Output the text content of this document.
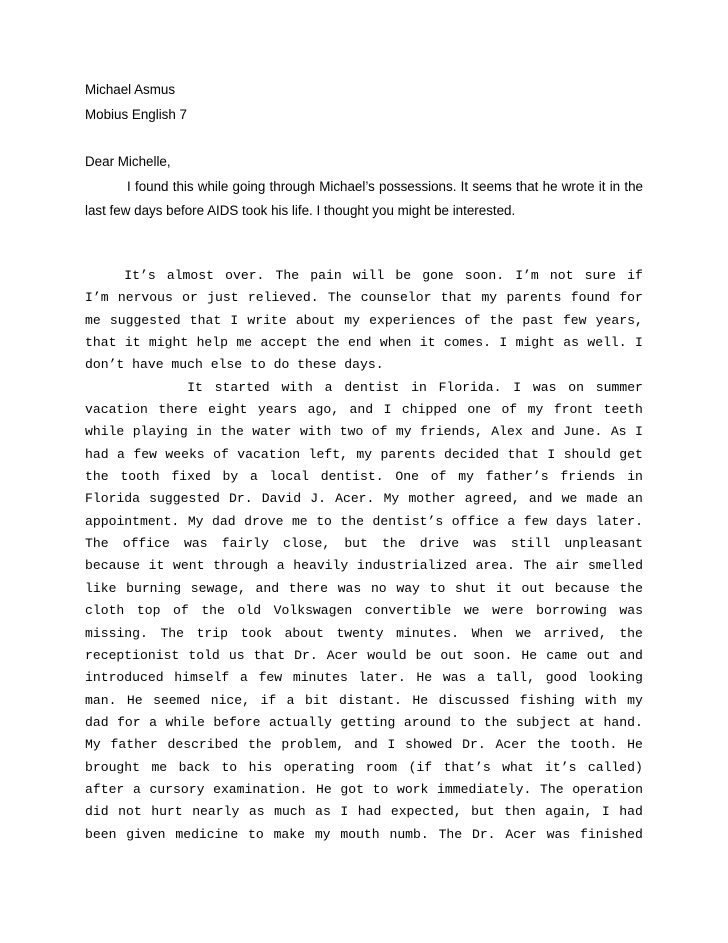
Michael Asmus
Mobius English 7
Dear Michelle,
I found this while going through Michael’s possessions. It seems that he wrote it in the
last few days before AIDS took his life. I thought you might be interested.
It’s almost over. The pain will be gone soon. I’m not sure if
I’m nervous or just relieved. The counselor that my parents found for
me suggested that I write about my experiences of the past few years,
that it might help me accept the end when it comes. I might as well. I
don’t have much else to do these days.
It started with a dentist in Florida. I was on summer
vacation there eight years ago, and I chipped one of my front teeth
while playing in the water with two of my friends, Alex and June. As I
had a few weeks of vacation left, my parents decided that I should get
the tooth fixed by a local dentist. One of my father’s friends in
Florida suggested Dr. David J. Acer. My mother agreed, and we made an
appointment. My dad drove me to the dentist’s office a few days later.
The office was fairly close, but the drive was still unpleasant
because it went through a heavily industrialized area. The air smelled
like burning sewage, and there was no way to shut it out because the
cloth top of the old Volkswagen convertible we were borrowing was
missing. The trip took about twenty minutes. When we arrived, the
receptionist told us that Dr. Acer would be out soon. He came out and
introduced himself a few minutes later. He was a tall, good looking
man. He seemed nice, if a bit distant. He discussed fishing with my
dad for a while before actually getting around to the subject at hand.
My father described the problem, and I showed Dr. Acer the tooth. He
brought me back to his operating room (if that’s what it’s called)
after a cursory examination. He got to work immediately. The operation
did not hurt nearly as much as I had expected, but then again, I had
been given medicine to make my mouth numb. The Dr. Acer was finished
